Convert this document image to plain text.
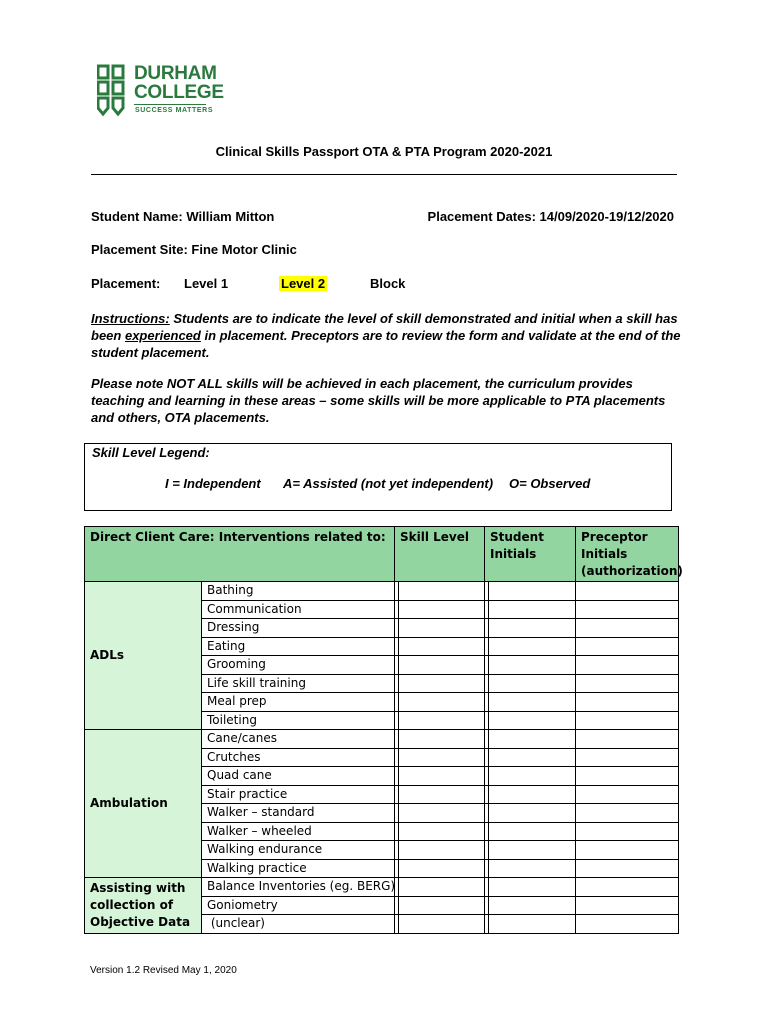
DURHAM
COLLEGE
SUCCESS MATTERS
Clinical Skills Passport OTA & PTA Program 2020-2021
Student Name: William Mitton	Placement Dates: 14/09/2020-19/12/2020
Placement Site: Fine Motor Clinic
Placement: Level 1	Level 2	Block
Instructions: Students are to indicate the level of skill demonstrated and initial when a skill has been experienced in placement. Preceptors are to review the form and validate at the end of the student placement.
Please note NOT ALL skills will be achieved in each placement, the curriculum provides teaching and learning in these areas – some skills will be more applicable to PTA placements and others, OTA placements.
Skill Level Legend:
I = Independent A= Assisted (not yet independent) O= Observed
Direct Client Care: Interventions related to:		Skill Level		Student Initials		Preceptor Initials (authorization)
ADLs	Bathing					
	Communication					
	Dressing					
	Eating					
	Grooming					
	Life skill training					
	Meal prep					
	Toileting					
Ambulation	Cane/canes					
	Crutches					
	Quad cane					
	Stair practice					
	Walker – standard					
	Walker – wheeled					
	Walking endurance					
	Walking practice					
Assisting with collection of Objective Data	Balance Inventories (eg. BERG)					
	Goniometry					
	(unclear)					
Version 1.2 Revised May 1, 2020
